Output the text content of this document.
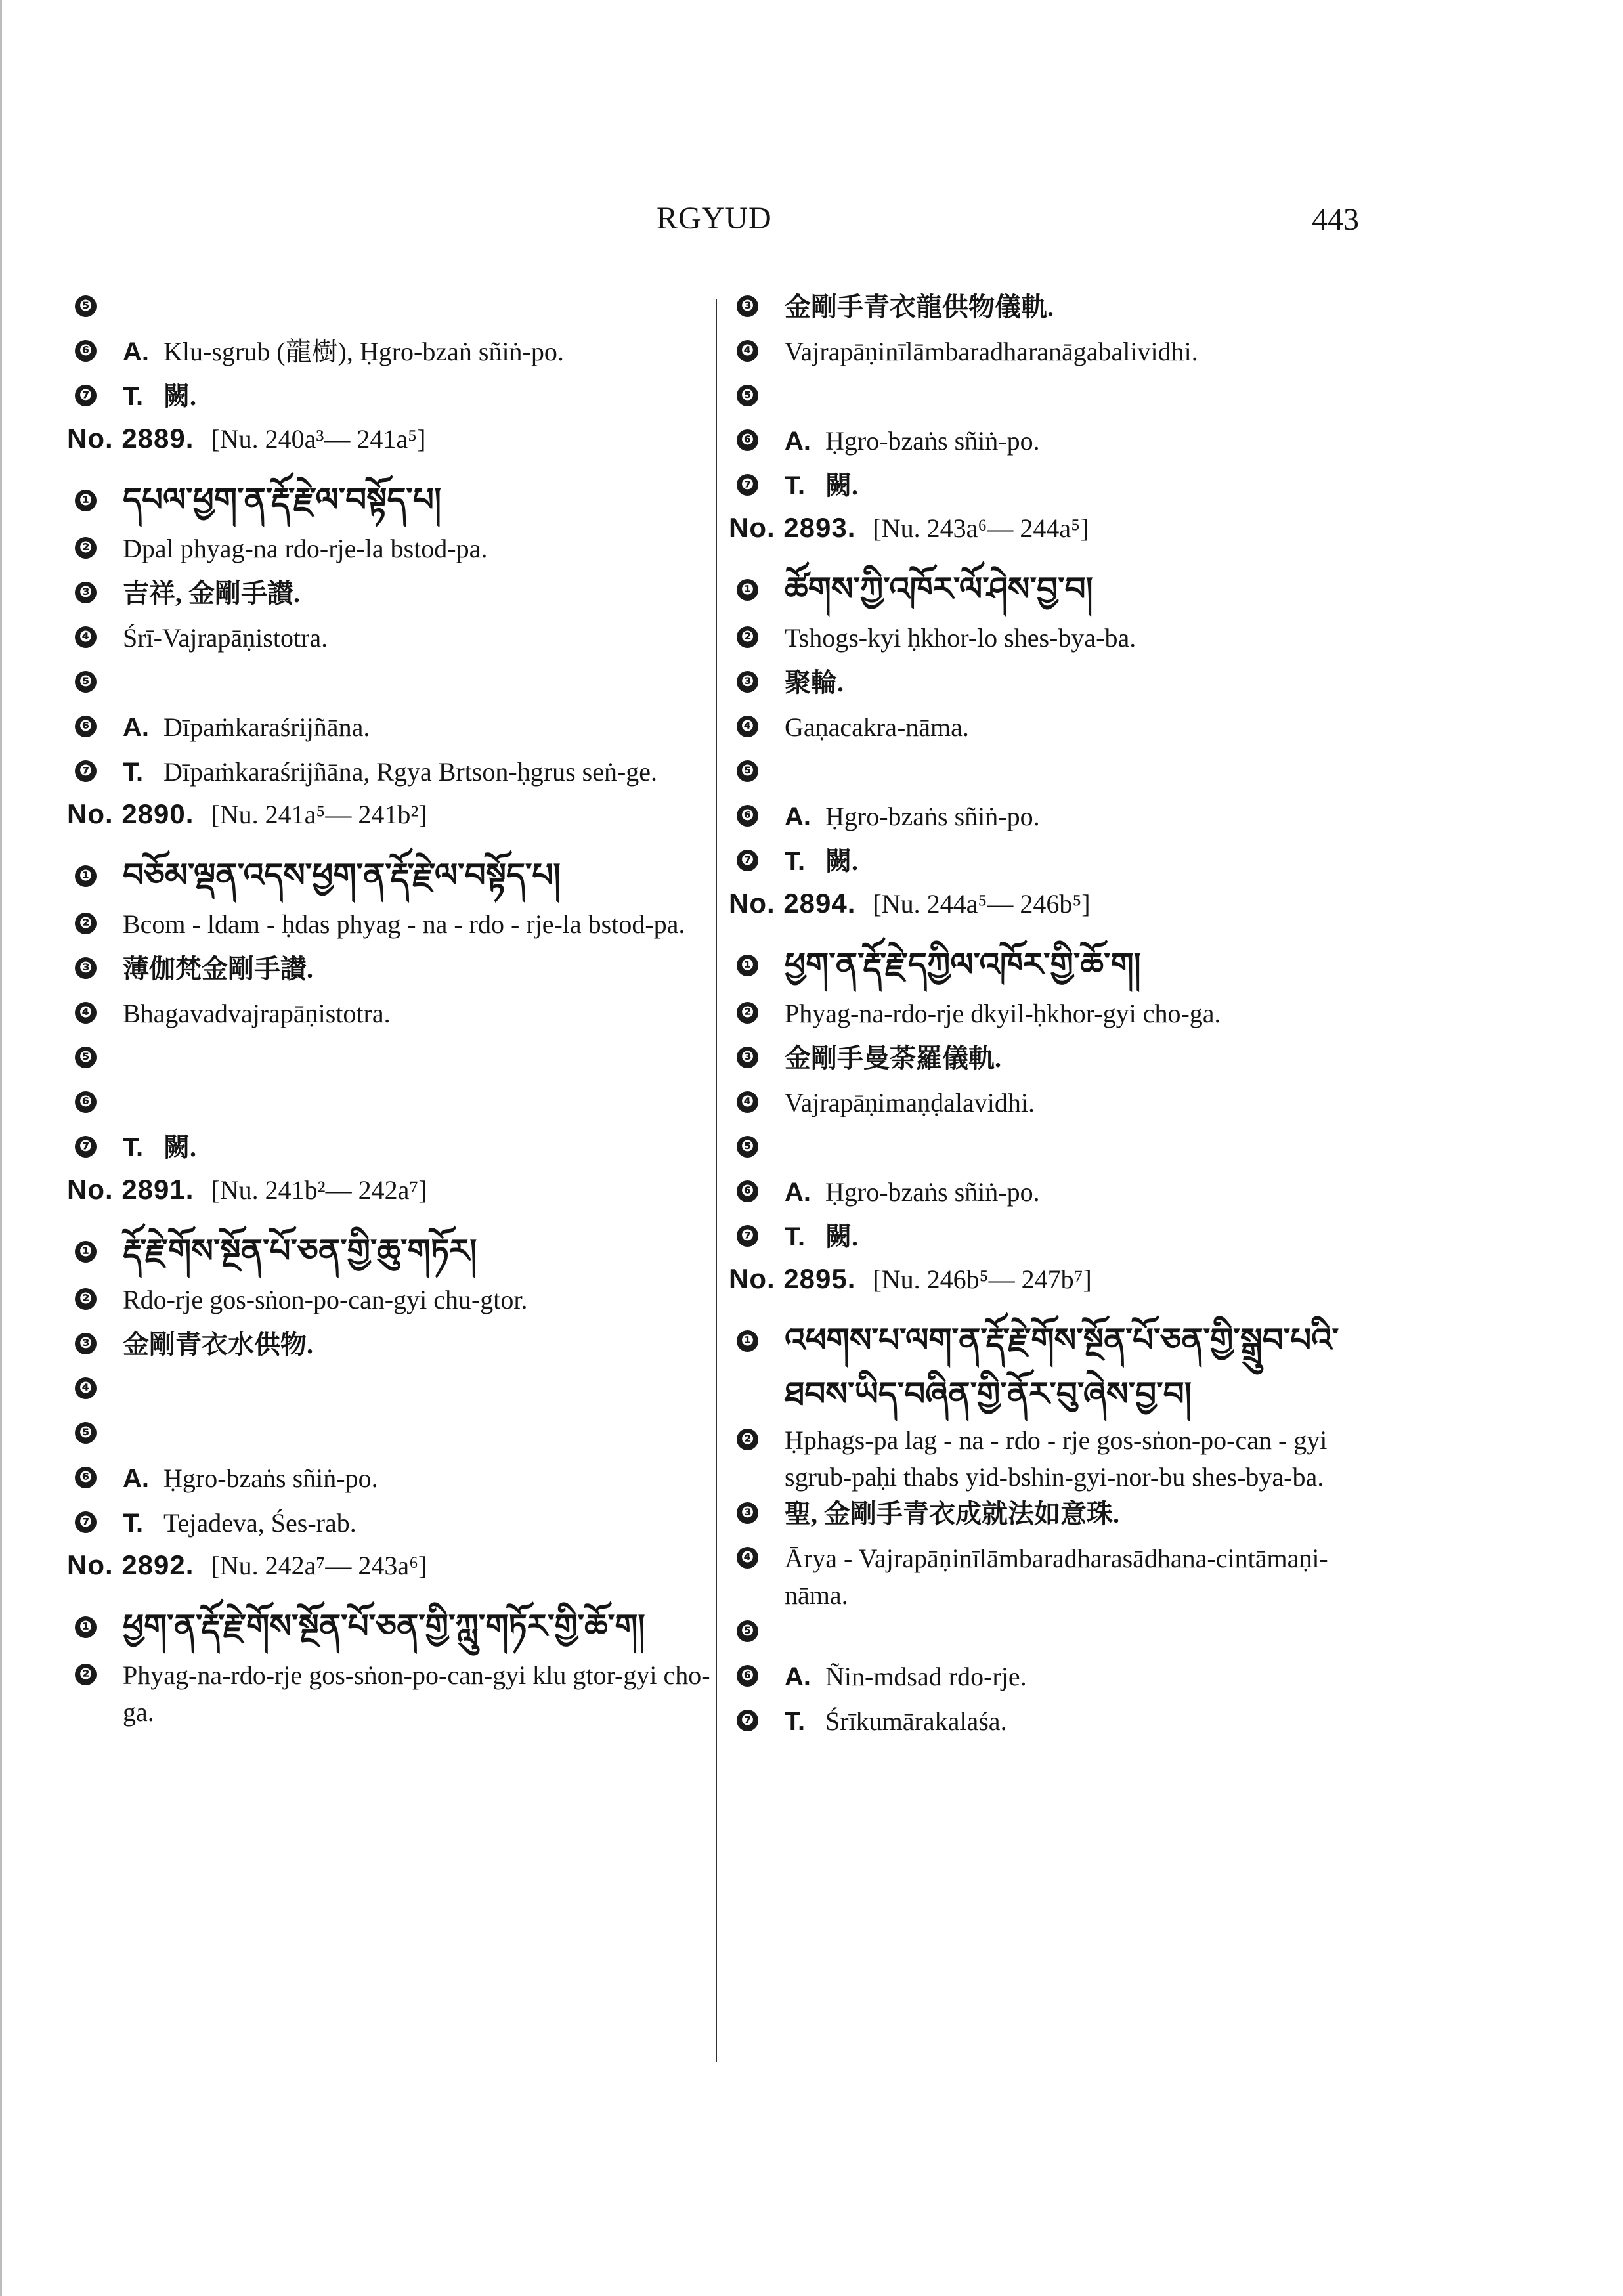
RGYUD	443
❺
❻ A. Klu-sgrub (龍樹), Ḥgro-bzaṅ sñiṅ-po.
❼ T. 闕.
No. 2889. [Nu. 240a³— 241a⁵]
❶ དཔལ་ཕྱག་ན་རྡོ་རྗེ་ལ་བསྟོད་པ།
❷ Dpal phyag-na rdo-rje-la bstod-pa.
❸ 吉祥, 金剛手讃.
❹ Śrī-Vajrapāṇistotra.
❺
❻ A. Dīpaṁkaraśrijñāna.
❼ T. Dīpaṁkaraśrijñāna, Rgya Brtson-ḥgrus seṅ-ge.
No. 2890. [Nu. 241a⁵— 241b²]
❶ བཅོམ་ལྡན་འདས་ཕྱག་ན་རྡོ་རྗེ་ལ་བསྟོད་པ།
❷ Bcom - ldam - ḥdas phyag - na - rdo - rje-la bstod-pa.
❸ 薄伽梵金剛手讃.
❹ Bhagavadvajrapāṇistotra.
❺
❻
❼ T. 闕.
No. 2891. [Nu. 241b²— 242a⁷]
❶ རྡོ་རྗེ་གོས་སྔོན་པོ་ཅན་གྱི་ཆུ་གཏོར།
❷ Rdo-rje gos-sṅon-po-can-gyi chu-gtor.
❸ 金剛青衣水供物.
❹
❺
❻ A. Ḥgro-bzaṅs sñiṅ-po.
❼ T. Tejadeva, Śes-rab.
No. 2892. [Nu. 242a⁷— 243a⁶]
❶ ཕྱག་ན་རྡོ་རྗེ་གོས་སྔོན་པོ་ཅན་གྱི་ཀླུ་གཏོར་གྱི་ཆོ་ག།
❷ Phyag-na-rdo-rje gos-sṅon-po-can-gyi klu gtor-gyi cho-ga.
❸ 金剛手青衣龍供物儀軌.
❹ Vajrapāṇinīlāmbaradharanāgabalividhi.
❺
❻ A. Ḥgro-bzaṅs sñiṅ-po.
❼ T. 闕.
No. 2893. [Nu. 243a⁶— 244a⁵]
❶ ཚོགས་ཀྱི་འཁོར་ལོ་ཤེས་བྱ་བ།
❷ Tshogs-kyi ḥkhor-lo shes-bya-ba.
❸ 聚輪.
❹ Gaṇacakra-nāma.
❺
❻ A. Ḥgro-bzaṅs sñiṅ-po.
❼ T. 闕.
No. 2894. [Nu. 244a⁵— 246b⁵]
❶ ཕྱག་ན་རྡོ་རྗེ་དཀྱིལ་འཁོར་གྱི་ཆོ་ག།
❷ Phyag-na-rdo-rje dkyil-ḥkhor-gyi cho-ga.
❸ 金剛手曼荼羅儀軌.
❹ Vajrapāṇimaṇḍalavidhi.
❺
❻ A. Ḥgro-bzaṅs sñiṅ-po.
❼ T. 闕.
No. 2895. [Nu. 246b⁵— 247b⁷]
❶ འཕགས་པ་ལག་ན་རྡོ་རྗེ་གོས་སྔོན་པོ་ཅན་གྱི་སྒྲུབ་པའི་ཐབས་ཡིད་བཞིན་གྱི་ནོར་བུ་ཞེས་བྱ་བ།
❷ Ḥphags-pa lag - na - rdo - rje gos-sṅon-po-can - gyi sgrub-paḥi thabs yid-bshin-gyi-nor-bu shes-bya-ba.
❸ 聖, 金剛手青衣成就法如意珠.
❹ Ārya - Vajrapāṇinīlāmbaradharasādhana-cintāmaṇi-nāma.
❺
❻ A. Ñin-mdsad rdo-rje.
❼ T. Śrīkumārakalaśa.
